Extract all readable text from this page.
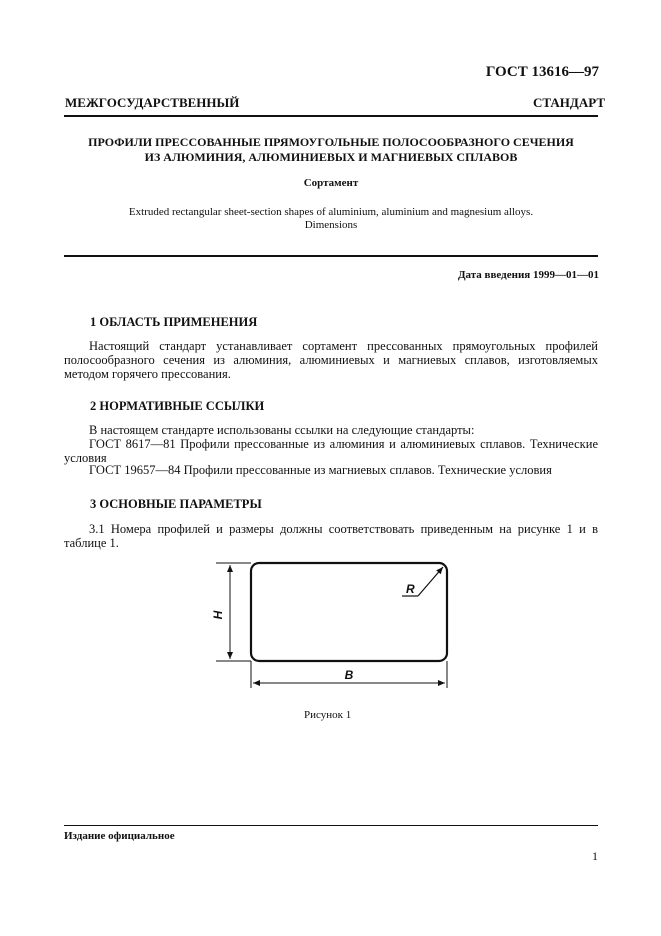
ГОСТ 13616—97
МЕЖГОСУДАРСТВЕННЫЙ СТАНДАРТ
ПРОФИЛИ ПРЕССОВАННЫЕ ПРЯМОУГОЛЬНЫЕ ПОЛОСООБРАЗНОГО СЕЧЕНИЯ
ИЗ АЛЮМИНИЯ, АЛЮМИНИЕВЫХ И МАГНИЕВЫХ СПЛАВОВ
Сортамент
Extruded rectangular sheet-section shapes of aluminium, aluminium and magnesium alloys.
Dimensions
Дата введения 1999—01—01
1 ОБЛАСТЬ ПРИМЕНЕНИЯ
Настоящий стандарт устанавливает сортамент прессованных прямоугольных профилей полосообразного сечения из алюминия, алюминиевых и магниевых сплавов, изготовляемых методом горячего прессования.
2 НОРМАТИВНЫЕ ССЫЛКИ
В настоящем стандарте использованы ссылки на следующие стандарты:
ГОСТ 8617—81 Профили прессованные из алюминия и алюминиевых сплавов. Технические условия
ГОСТ 19657—84 Профили прессованные из магниевых сплавов. Технические условия
3 ОСНОВНЫЕ ПАРАМЕТРЫ
3.1 Номера профилей и размеры должны соответствовать приведенным на рисунке 1 и в таблице 1.
H
B
R
Рисунок 1
Издание официальное
1
